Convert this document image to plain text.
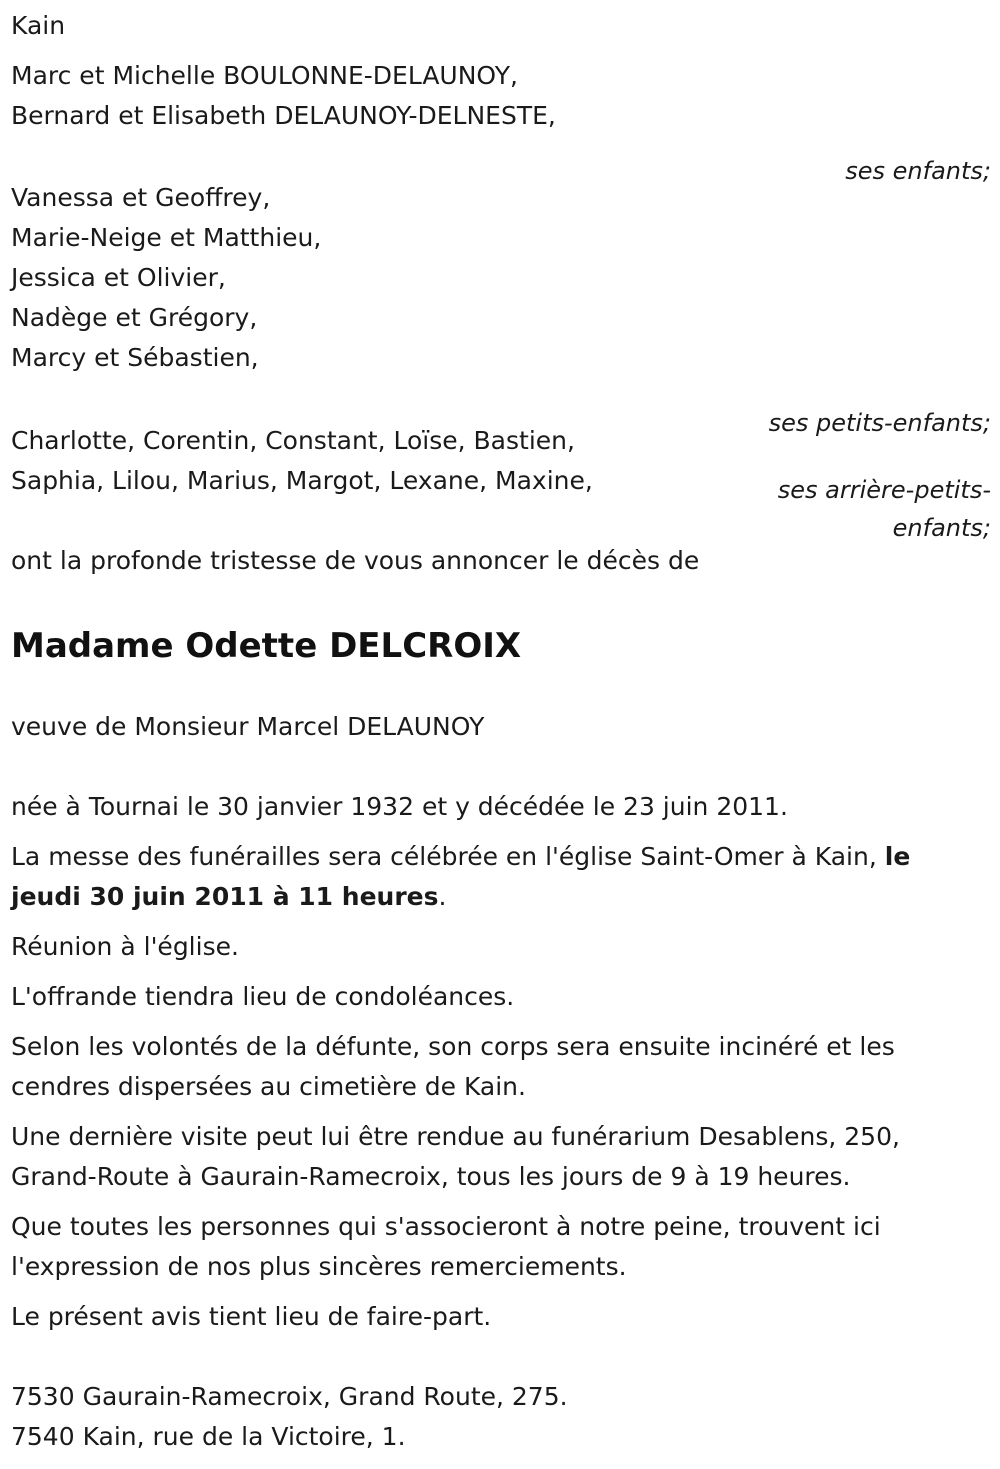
Kain
Marc et Michelle BOULONNE-DELAUNOY,
Bernard et Elisabeth DELAUNOY-DELNESTE,
ses enfants;
Vanessa et Geoffrey,
Marie-Neige et Matthieu,
Jessica et Olivier,
Nadège et Grégory,
Marcy et Sébastien,
ses petits-enfants;
Charlotte, Corentin, Constant, Loïse, Bastien,
Saphia, Lilou, Marius, Margot, Lexane, Maxine,	ses arrière-petits-
enfants;
ont la profonde tristesse de vous annoncer le décès de
Madame Odette DELCROIX
veuve de Monsieur Marcel DELAUNOY
née à Tournai le 30 janvier 1932 et y décédée le 23 juin 2011.
La messe des funérailles sera célébrée en l'église Saint-Omer à Kain, le jeudi 30 juin 2011 à 11 heures.
Réunion à l'église.
L'offrande tiendra lieu de condoléances.
Selon les volontés de la défunte, son corps sera ensuite incinéré et les cendres dispersées au cimetière de Kain.
Une dernière visite peut lui être rendue au funérarium Desablens, 250, Grand-Route à Gaurain-Ramecroix, tous les jours de 9 à 19 heures.
Que toutes les personnes qui s'associeront à notre peine, trouvent ici l'expression de nos plus sincères remerciements.
Le présent avis tient lieu de faire-part.
7530 Gaurain-Ramecroix, Grand Route, 275.
7540 Kain, rue de la Victoire, 1.
